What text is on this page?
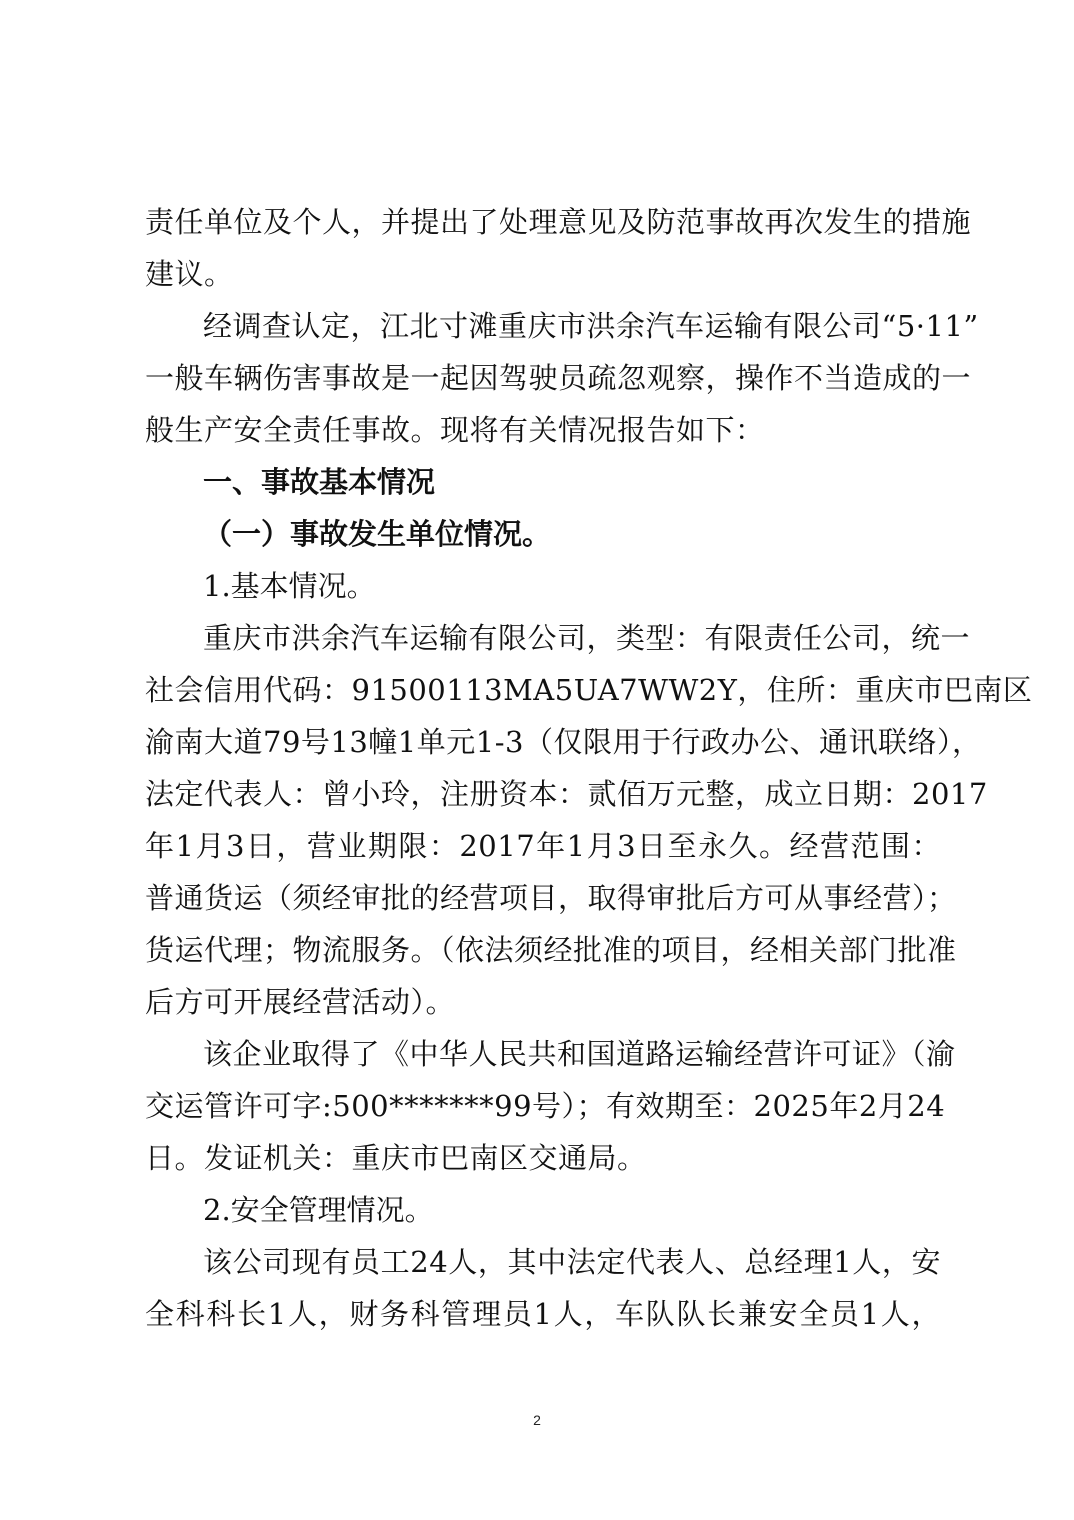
责任单位及个人，并提出了处理意见及防范事故再次发生的措施
建议。
经调查认定，江北寸滩重庆市洪余汽车运输有限公司“5·11”
一般车辆伤害事故是一起因驾驶员疏忽观察，操作不当造成的一
般生产安全责任事故。现将有关情况报告如下：
一、事故基本情况
（一）事故发生单位情况。
1.基本情况。
重庆市洪余汽车运输有限公司，类型：有限责任公司，统一
社会信用代码：91500113MA5UA7WW2Y，住所：重庆市巴南区
渝南大道79号13幢1单元1-3（仅限用于行政办公、通讯联络），
法定代表人：曾小玲，注册资本：贰佰万元整，成立日期：2017
年1月3日，营业期限：2017年1月3日至永久。经营范围：
普通货运（须经审批的经营项目，取得审批后方可从事经营）；
货运代理；物流服务。（依法须经批准的项目，经相关部门批准
后方可开展经营活动）。
该企业取得了《中华人民共和国道路运输经营许可证》（渝
交运管许可字:500*******99号）；有效期至：2025年2月24
日。发证机关：重庆市巴南区交通局。
2.安全管理情况。
该公司现有员工24人，其中法定代表人、总经理1人，安
全科科长1人，财务科管理员1人，车队队长兼安全员1人，
2
